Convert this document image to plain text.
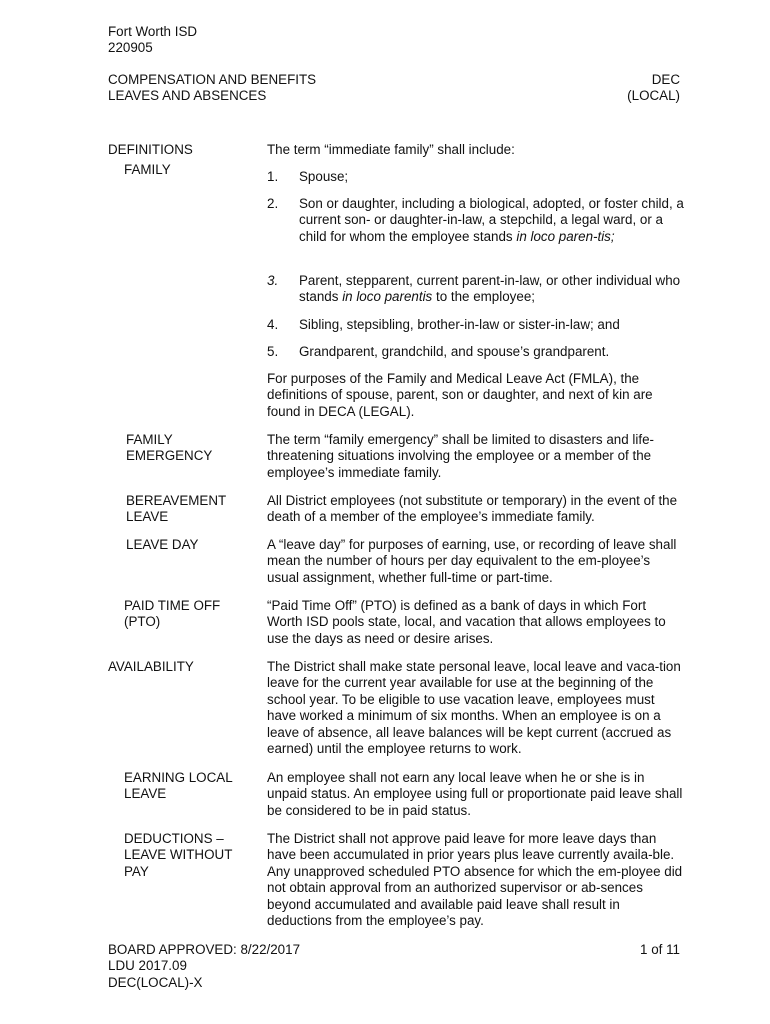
Fort Worth ISD
220905
COMPENSATION AND BENEFITS
LEAVES AND ABSENCES
DEC
(LOCAL)
DEFINITIONS
FAMILY

The term “immediate family” shall include:

1.	Spouse;

2.	Son or daughter, including a biological, adopted, or foster child, a current son- or daughter-in-law, a stepchild, a legal ward, or a child for whom the employee stands in loco paren-tis;

3.	Parent, stepparent, current parent-in-law, or other individual who stands in loco parentis to the employee;

4.	Sibling, stepsibling, brother-in-law or sister-in-law; and

5.	Grandparent, grandchild, and spouse’s grandparent.

For purposes of the Family and Medical Leave Act (FMLA), the definitions of spouse, parent, son or daughter, and next of kin are found in DECA (LEGAL).

FAMILY
EMERGENCY

The term “family emergency” shall be limited to disasters and life-threatening situations involving the employee or a member of the employee’s immediate family.

BEREAVEMENT
LEAVE

All District employees (not substitute or temporary) in the event of the death of a member of the employee’s immediate family.

LEAVE DAY	A “leave day” for purposes of earning, use, or recording of leave shall mean the number of hours per day equivalent to the em-ployee’s usual assignment, whether full-time or part-time.

PAID TIME OFF
(PTO)

“Paid Time Off” (PTO) is defined as a bank of days in which Fort Worth ISD pools state, local, and vacation that allows employees to use the days as need or desire arises.

AVAILABILITY	The District shall make state personal leave, local leave and vaca-tion leave for the current year available for use at the beginning of the school year. To be eligible to use vacation leave, employees must have worked a minimum of six months. When an employee is on a leave of absence, all leave balances will be kept current (accrued as earned) until the employee returns to work.

EARNING LOCAL
LEAVE

An employee shall not earn any local leave when he or she is in unpaid status. An employee using full or proportionate paid leave shall be considered to be in paid status.

DEDUCTIONS –
LEAVE WITHOUT
PAY

The District shall not approve paid leave for more leave days than have been accumulated in prior years plus leave currently availa-ble. Any unapproved scheduled PTO absence for which the em-ployee did not obtain approval from an authorized supervisor or ab-sences beyond accumulated and available paid leave shall result in deductions from the employee’s pay.

BOARD APPROVED: 8/22/2017
LDU 2017.09
DEC(LOCAL)-X
1 of 11
